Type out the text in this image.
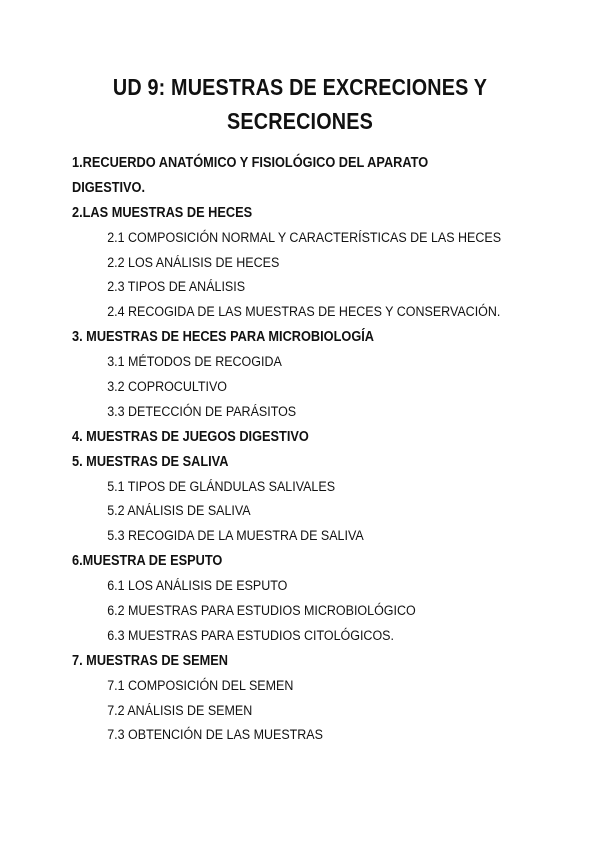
UD 9: MUESTRAS DE EXCRECIONES Y
SECRECIONES
1.RECUERDO ANATÓMICO Y FISIOLÓGICO DEL APARATO
DIGESTIVO.
2.LAS MUESTRAS DE HECES
2.1 COMPOSICIÓN NORMAL Y CARACTERÍSTICAS DE LAS HECES
2.2 LOS ANÁLISIS DE HECES
2.3 TIPOS DE ANÁLISIS
2.4 RECOGIDA DE LAS MUESTRAS DE HECES Y CONSERVACIÓN.
3. MUESTRAS DE HECES PARA MICROBIOLOGÍA
3.1 MÉTODOS DE RECOGIDA
3.2 COPROCULTIVO
3.3 DETECCIÓN DE PARÁSITOS
4. MUESTRAS DE JUEGOS DIGESTIVO
5. MUESTRAS DE SALIVA
5.1 TIPOS DE GLÁNDULAS SALIVALES
5.2 ANÁLISIS DE SALIVA
5.3 RECOGIDA DE LA MUESTRA DE SALIVA
6.MUESTRA DE ESPUTO
6.1 LOS ANÁLISIS DE ESPUTO
6.2 MUESTRAS PARA ESTUDIOS MICROBIOLÓGICO
6.3 MUESTRAS PARA ESTUDIOS CITOLÓGICOS.
7. MUESTRAS DE SEMEN
7.1 COMPOSICIÓN DEL SEMEN
7.2 ANÁLISIS DE SEMEN
7.3 OBTENCIÓN DE LAS MUESTRAS
